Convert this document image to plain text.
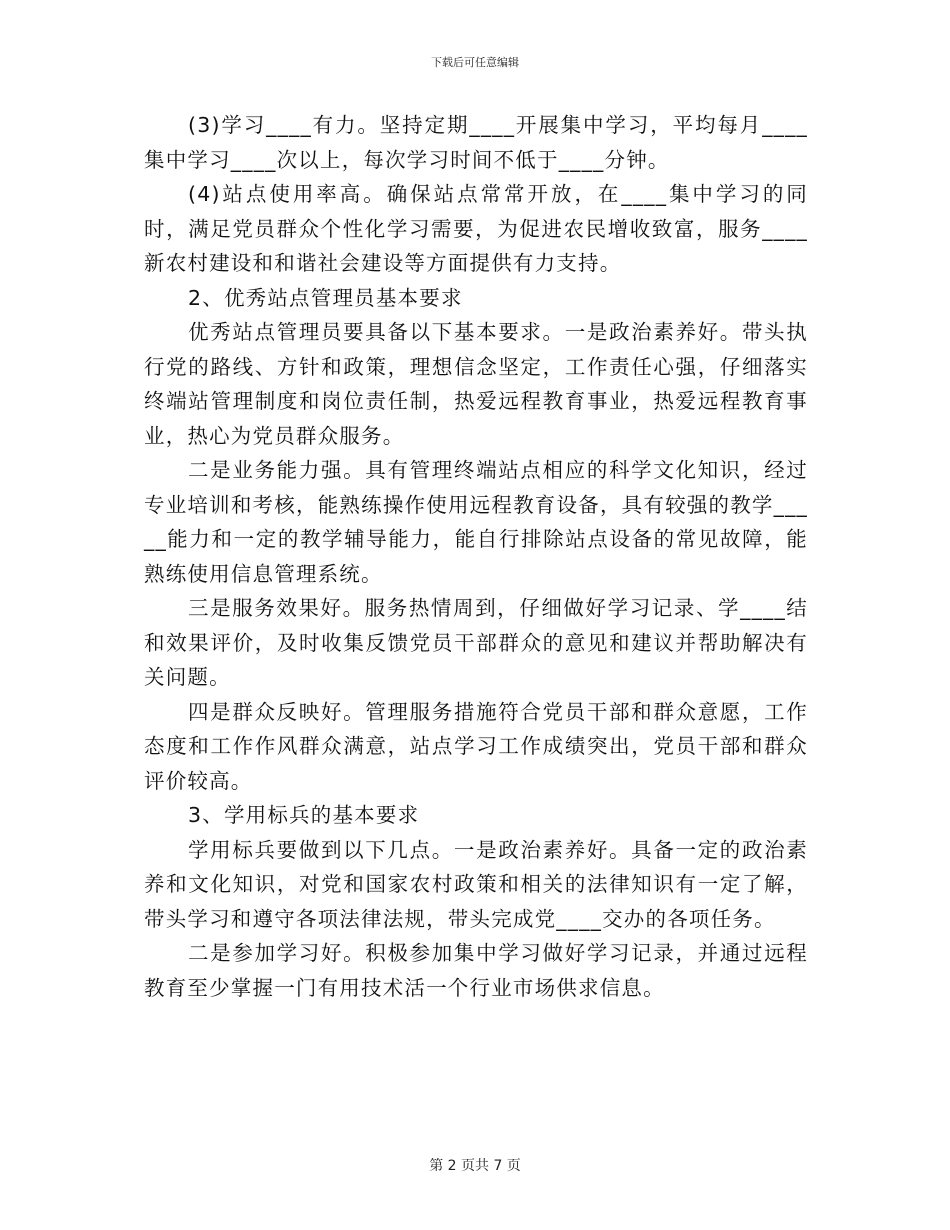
下载后可任意编辑

(3)学习____有力。坚持定期____开展集中学习，平均每月____集中学习____次以上，每次学习时间不低于____分钟。

(4)站点使用率高。确保站点常常开放，在____集中学习的同时，满足党员群众个性化学习需要，为促进农民增收致富，服务____新农村建设和和谐社会建设等方面提供有力支持。

2、优秀站点管理员基本要求

优秀站点管理员要具备以下基本要求。一是政治素养好。带头执行党的路线、方针和政策，理想信念坚定，工作责任心强，仔细落实终端站管理制度和岗位责任制，热爱远程教育事业，热爱远程教育事业，热心为党员群众服务。

二是业务能力强。具有管理终端站点相应的科学文化知识，经过专业培训和考核，能熟练操作使用远程教育设备，具有较强的教学_____能力和一定的教学辅导能力，能自行排除站点设备的常见故障，能熟练使用信息管理系统。

三是服务效果好。服务热情周到，仔细做好学习记录、学____结和效果评价，及时收集反馈党员干部群众的意见和建议并帮助解决有关问题。

四是群众反映好。管理服务措施符合党员干部和群众意愿，工作态度和工作作风群众满意，站点学习工作成绩突出，党员干部和群众评价较高。

3、学用标兵的基本要求

学用标兵要做到以下几点。一是政治素养好。具备一定的政治素养和文化知识，对党和国家农村政策和相关的法律知识有一定了解，带头学习和遵守各项法律法规，带头完成党____交办的各项任务。

二是参加学习好。积极参加集中学习做好学习记录，并通过远程教育至少掌握一门有用技术活一个行业市场供求信息。

第 2 页共 7 页
